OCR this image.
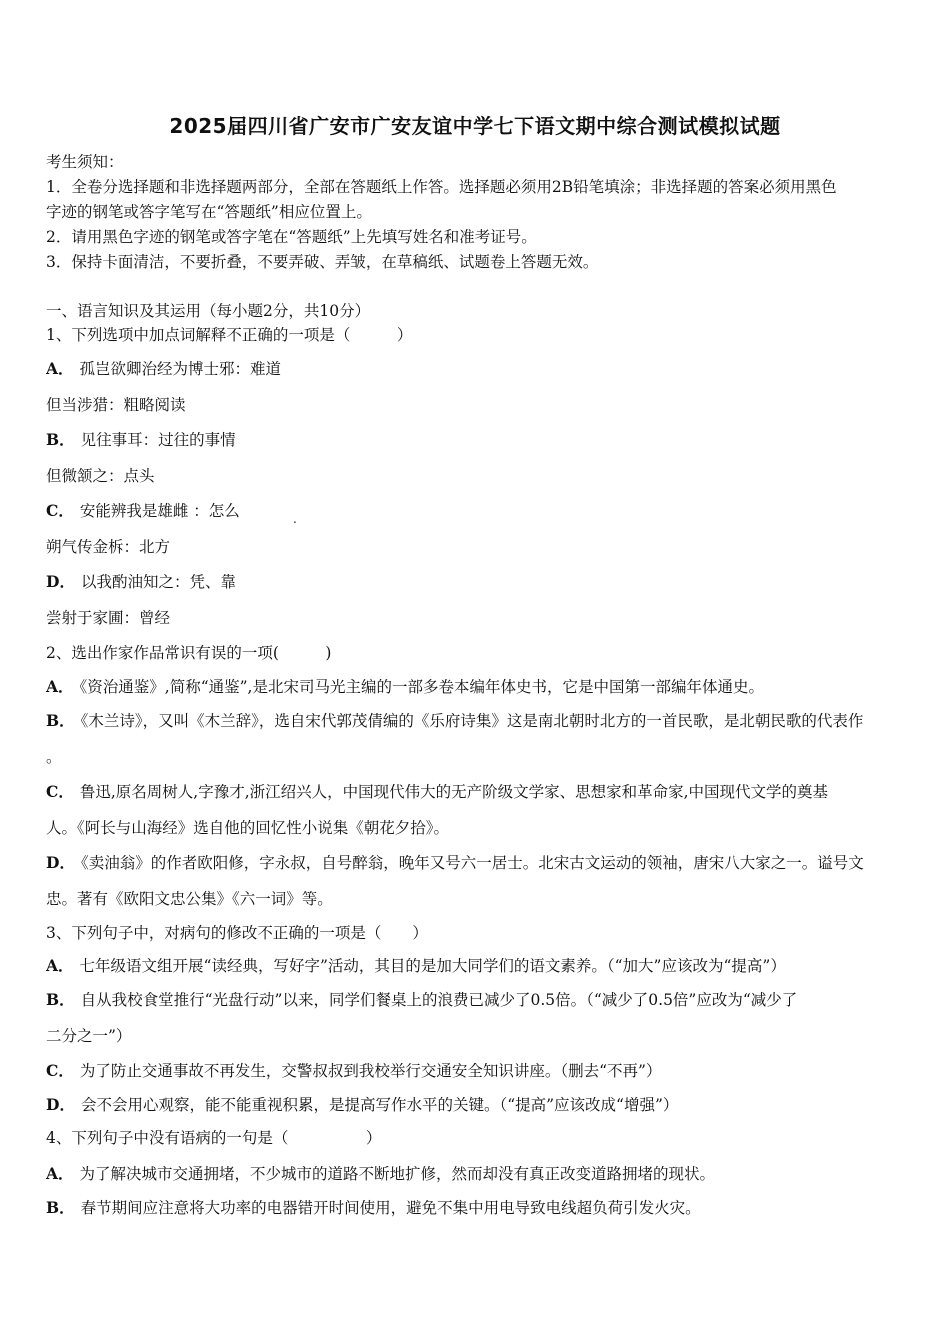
2025届四川省广安市广安友谊中学七下语文期中综合测试模拟试题
考生须知：
1．全卷分选择题和非选择题两部分，全部在答题纸上作答。选择题必须用2B铅笔填涂；非选择题的答案必须用黑色
字迹的钢笔或答字笔写在“答题纸”相应位置上。
2．请用黑色字迹的钢笔或答字笔在“答题纸”上先填写姓名和准考证号。
3．保持卡面清洁，不要折叠，不要弄破、弄皱，在草稿纸、试题卷上答题无效。
一、语言知识及其运用（每小题2分，共10分）
1、下列选项中加点词解释不正确的一项是（　　　）
A． 孤岂欲卿治经为博士邪：难道
但当涉猎：粗略阅读
B． 见往事耳：过往的事情
但微颔之：点头
C． 安能辨我是雄雌 ：怎么	.
朔气传金柝：北方
D． 以我酌油知之：凭、靠
尝射于家圃：曾经
2、选出作家作品常识有误的一项(　　　)
A． 《资治通鉴》,简称“通鉴”,是北宋司马光主编的一部多卷本编年体史书，它是中国第一部编年体通史。
B． 《木兰诗》，又叫《木兰辞》，选自宋代郭茂倩编的《乐府诗集》这是南北朝时北方的一首民歌，是北朝民歌的代表作
。
C． 鲁迅,原名周树人,字豫才,浙江绍兴人，中国现代伟大的无产阶级文学家、思想家和革命家,中国现代文学的奠基
人。《阿长与山海经》选自他的回忆性小说集《朝花夕拾》。
D． 《卖油翁》的作者欧阳修，字永叔，自号醉翁，晚年又号六一居士。北宋古文运动的领袖，唐宋八大家之一。谥号文
忠。著有《欧阳文忠公集》《六一词》等。
3、下列句子中，对病句的修改不正确的一项是（　　）
A． 七年级语文组开展“读经典，写好字”活动，其目的是加大同学们的语文素养。（“加大”应该改为“提高”）
B． 自从我校食堂推行“光盘行动”以来，同学们餐桌上的浪费已减少了0.5倍。（“减少了0.5倍”应改为“减少了
二分之一”）
C． 为了防止交通事故不再发生，交警叔叔到我校举行交通安全知识讲座。（删去“不再”）
D． 会不会用心观察，能不能重视积累，是提高写作水平的关键。（“提高”应该改成“增强”）
4、下列句子中没有语病的一句是（　　　　　）
A． 为了解决城市交通拥堵，不少城市的道路不断地扩修，然而却没有真正改变道路拥堵的现状。
B． 春节期间应注意将大功率的电器错开时间使用，避免不集中用电导致电线超负荷引发火灾。
